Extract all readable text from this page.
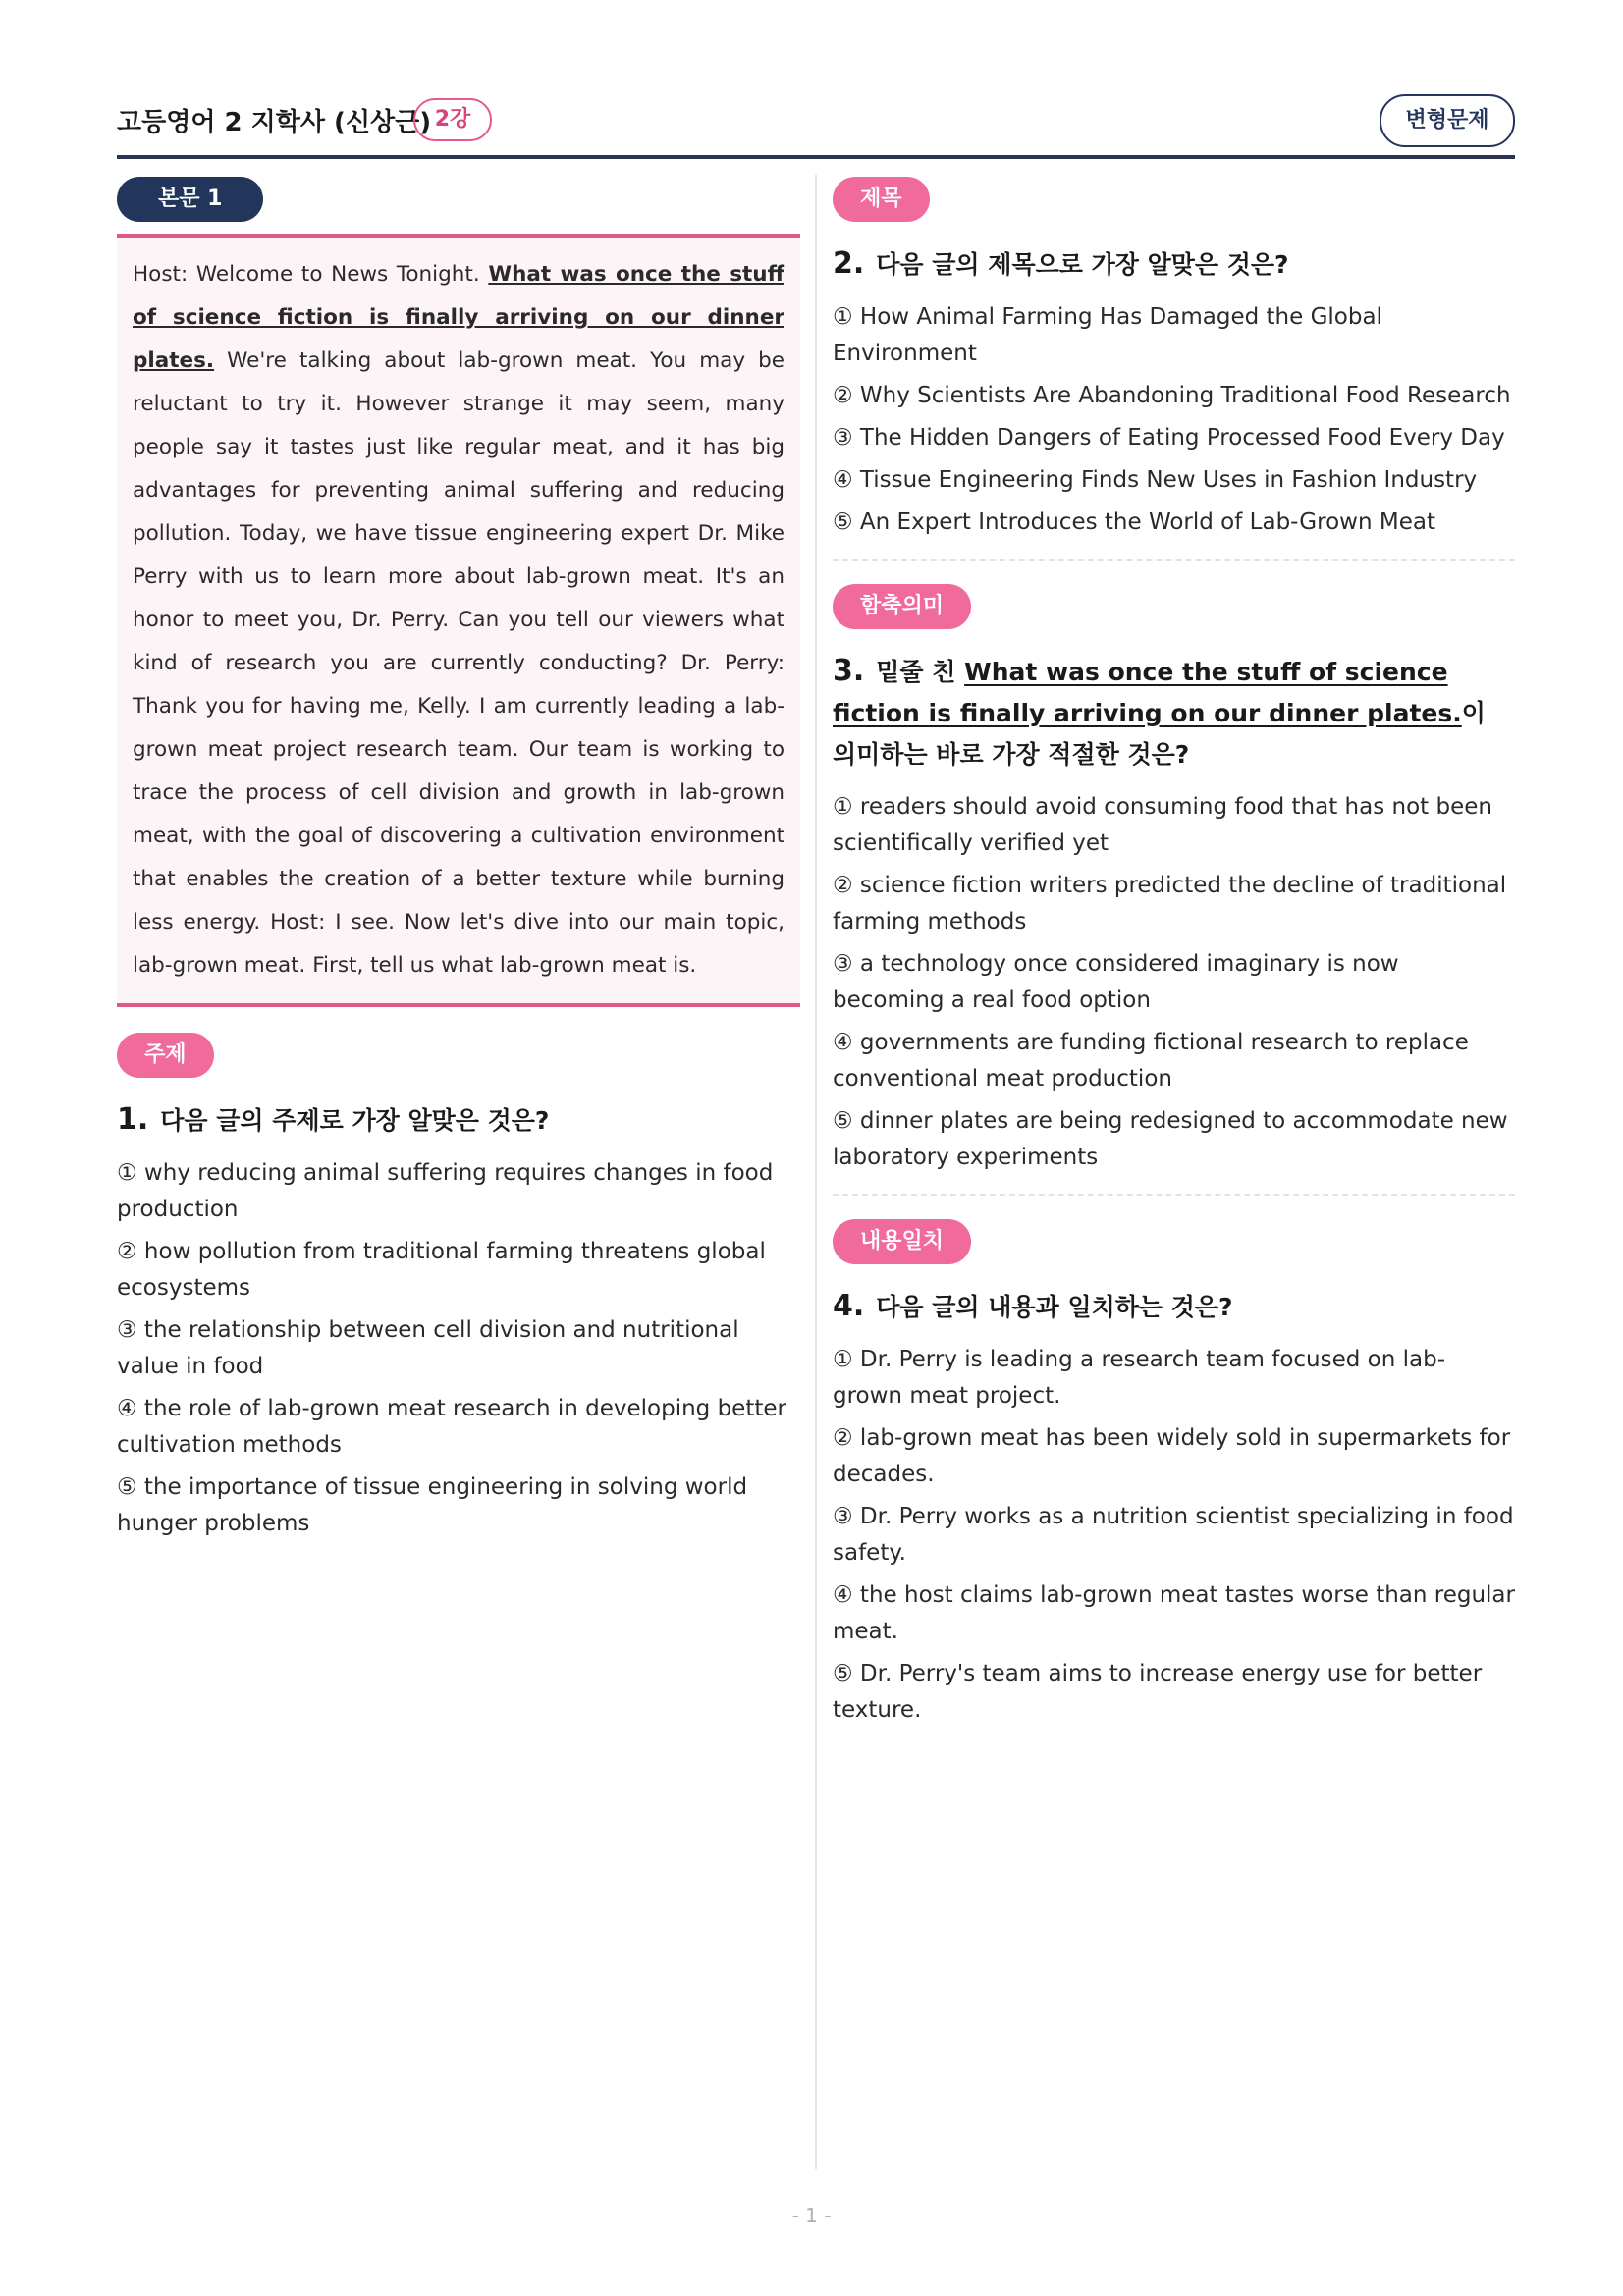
고등영어 2 지학사 (신상근) 2강	변형문제
본문 1
Host: Welcome to News Tonight. What was once the stuff of science fiction is finally arriving on our dinner plates. We're talking about lab-grown meat. You may be reluctant to try it. However strange it may seem, many people say it tastes just like regular meat, and it has big advantages for preventing animal suffering and reducing pollution. Today, we have tissue engineering expert Dr. Mike Perry with us to learn more about lab-grown meat. It's an honor to meet you, Dr. Perry. Can you tell our viewers what kind of research you are currently conducting? Dr. Perry: Thank you for having me, Kelly. I am currently leading a lab-grown meat project research team. Our team is working to trace the process of cell division and growth in lab-grown meat, with the goal of discovering a cultivation environment that enables the creation of a better texture while burning less energy. Host: I see. Now let's dive into our main topic, lab-grown meat. First, tell us what lab-grown meat is.
주제
1. 다음 글의 주제로 가장 알맞은 것은?
① why reducing animal suffering requires changes in food production
② how pollution from traditional farming threatens global ecosystems
③ the relationship between cell division and nutritional value in food
④ the role of lab-grown meat research in developing better cultivation methods
⑤ the importance of tissue engineering in solving world hunger problems
제목
2. 다음 글의 제목으로 가장 알맞은 것은?
① How Animal Farming Has Damaged the Global Environment
② Why Scientists Are Abandoning Traditional Food Research
③ The Hidden Dangers of Eating Processed Food Every Day
④ Tissue Engineering Finds New Uses in Fashion Industry
⑤ An Expert Introduces the World of Lab-Grown Meat
함축의미
3. 밑줄 친 What was once the stuff of science fiction is finally arriving on our dinner plates.이 의미하는 바로 가장 적절한 것은?
① readers should avoid consuming food that has not been scientifically verified yet
② science fiction writers predicted the decline of traditional farming methods
③ a technology once considered imaginary is now becoming a real food option
④ governments are funding fictional research to replace conventional meat production
⑤ dinner plates are being redesigned to accommodate new laboratory experiments
내용일치
4. 다음 글의 내용과 일치하는 것은?
① Dr. Perry is leading a research team focused on lab-grown meat project.
② lab-grown meat has been widely sold in supermarkets for decades.
③ Dr. Perry works as a nutrition scientist specializing in food safety.
④ the host claims lab-grown meat tastes worse than regular meat.
⑤ Dr. Perry's team aims to increase energy use for better texture.
- 1 -
